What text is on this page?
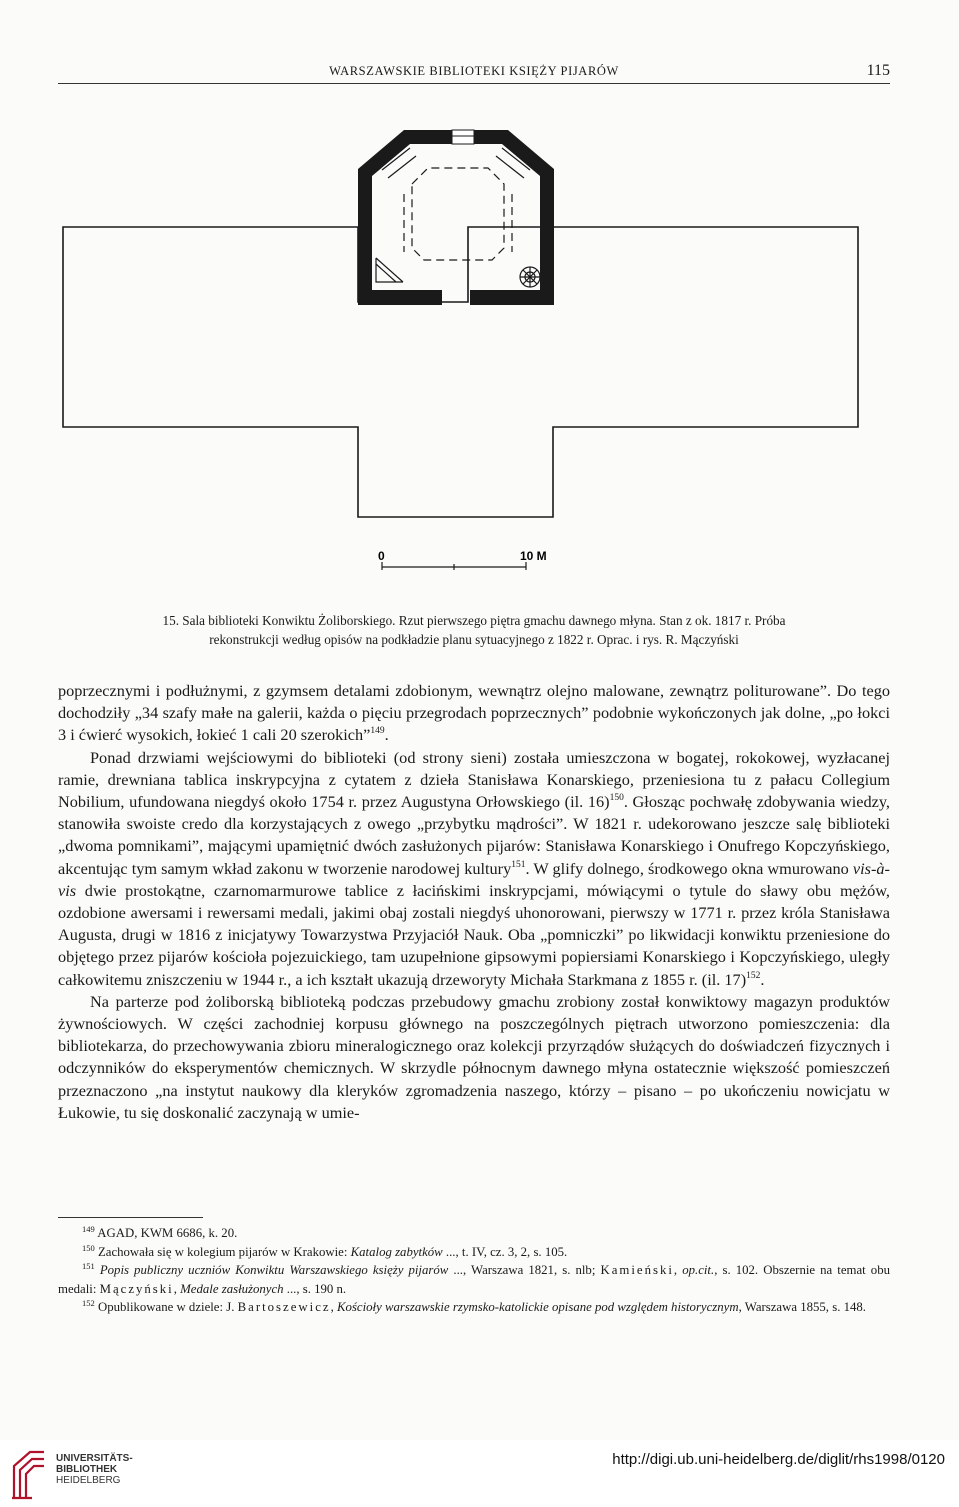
WARSZAWSKIE BIBLIOTEKI KSIĘŻY PIJARÓW	115
0	10 M
15. Sala biblioteki Konwiktu Żoliborskiego. Rzut pierwszego piętra gmachu dawnego młyna. Stan z ok. 1817 r. Próba
rekonstrukcji według opisów na podkładzie planu sytuacyjnego z 1822 r. Oprac. i rys. R. Mączyński

poprzecznymi i podłużnymi, z gzymsem detalami zdobionym, wewnątrz olejno malowane, zewnątrz politurowane”. Do tego dochodziły „34 szafy małe na galerii, każda o pięciu przegrodach poprzecznych” podobnie wykończonych jak dolne, „po łokci 3 i ćwierć wysokich, łokieć 1 cali 20 szerokich”$^{149}$.

Ponad drzwiami wejściowymi do biblioteki (od strony sieni) została umieszczona w bogatej, rokokowej, wyzłacanej ramie, drewniana tablica inskrypcyjna z cytatem z dzieła Stanisława Konarskiego, przeniesiona tu z pałacu Collegium Nobilium, ufundowana niegdyś około 1754 r. przez Augustyna Orłowskiego (il. 16)$^{150}$. Głosząc pochwałę zdobywania wiedzy, stanowiła swoiste credo dla korzystających z owego „przybytku mądrości”. W 1821 r. udekorowano jeszcze salę biblioteki „dwoma pomnikami”, mającymi upamiętnić dwóch zasłużonych pijarów: Stanisława Konarskiego i Onufrego Kopczyńskiego, akcentując tym samym wkład zakonu w tworzenie narodowej kultury$^{151}$. W glify dolnego, środkowego okna wmurowano vis-à-vis dwie prostokątne, czarnomarmurowe tablice z łacińskimi inskrypcjami, mówiącymi o tytule do sławy obu mężów, ozdobione awersami i rewersami medali, jakimi obaj zostali niegdyś uhonorowani, pierwszy w 1771 r. przez króla Stanisława Augusta, drugi w 1816 z inicjatywy Towarzystwa Przyjaciół Nauk. Oba „pomniczki” po likwidacji konwiktu przeniesione do objętego przez pijarów kościoła pojezuickiego, tam uzupełnione gipsowymi popiersiami Konarskiego i Kopczyńskiego, uległy całkowitemu zniszczeniu w 1944 r., a ich kształt ukazują drzeworyty Michała Starkmana z 1855 r. (il. 17)$^{152}$.

Na parterze pod żoliborską biblioteką podczas przebudowy gmachu zrobiony został konwiktowy magazyn produktów żywnościowych. W części zachodniej korpusu głównego na poszczególnych piętrach utworzono pomieszczenia: dla bibliotekarza, do przechowywania zbioru mineralogicznego oraz kolekcji przyrządów służących do doświadczeń fizycznych i odczynników do eksperymentów chemicznych. W skrzydle północnym dawnego młyna ostatecznie większość pomieszczeń przeznaczono „na instytut naukowy dla kleryków zgromadzenia naszego, którzy – pisano – po ukończeniu nowicjatu w Łukowie, tu się doskonalić zaczynają w umie-

$^{149}$ AGAD, KWM 6686, k. 20.

$^{150}$ Zachowała się w kolegium pijarów w Krakowie: Katalog zabytków ..., t. IV, cz. 3, 2, s. 105.

$^{151}$ Popis publiczny uczniów Konwiktu Warszawskiego księży pijarów ..., Warszawa 1821, s. nlb; Kamieński, op.cit., s. 102. Obszernie na temat obu medali: Mączyński, Medale zasłużonych ..., s. 190 n.

$^{152}$ Opublikowane w dziele: J. Bartoszewicz, Kościoły warszawskie rzymsko-katolickie opisane pod względem historycznym, Warszawa 1855, s. 148.

UNIVERSITÄTS-
BIBLIOTHEK
HEIDELBERG
http://digi.ub.uni-heidelberg.de/diglit/rhs1998/0120
